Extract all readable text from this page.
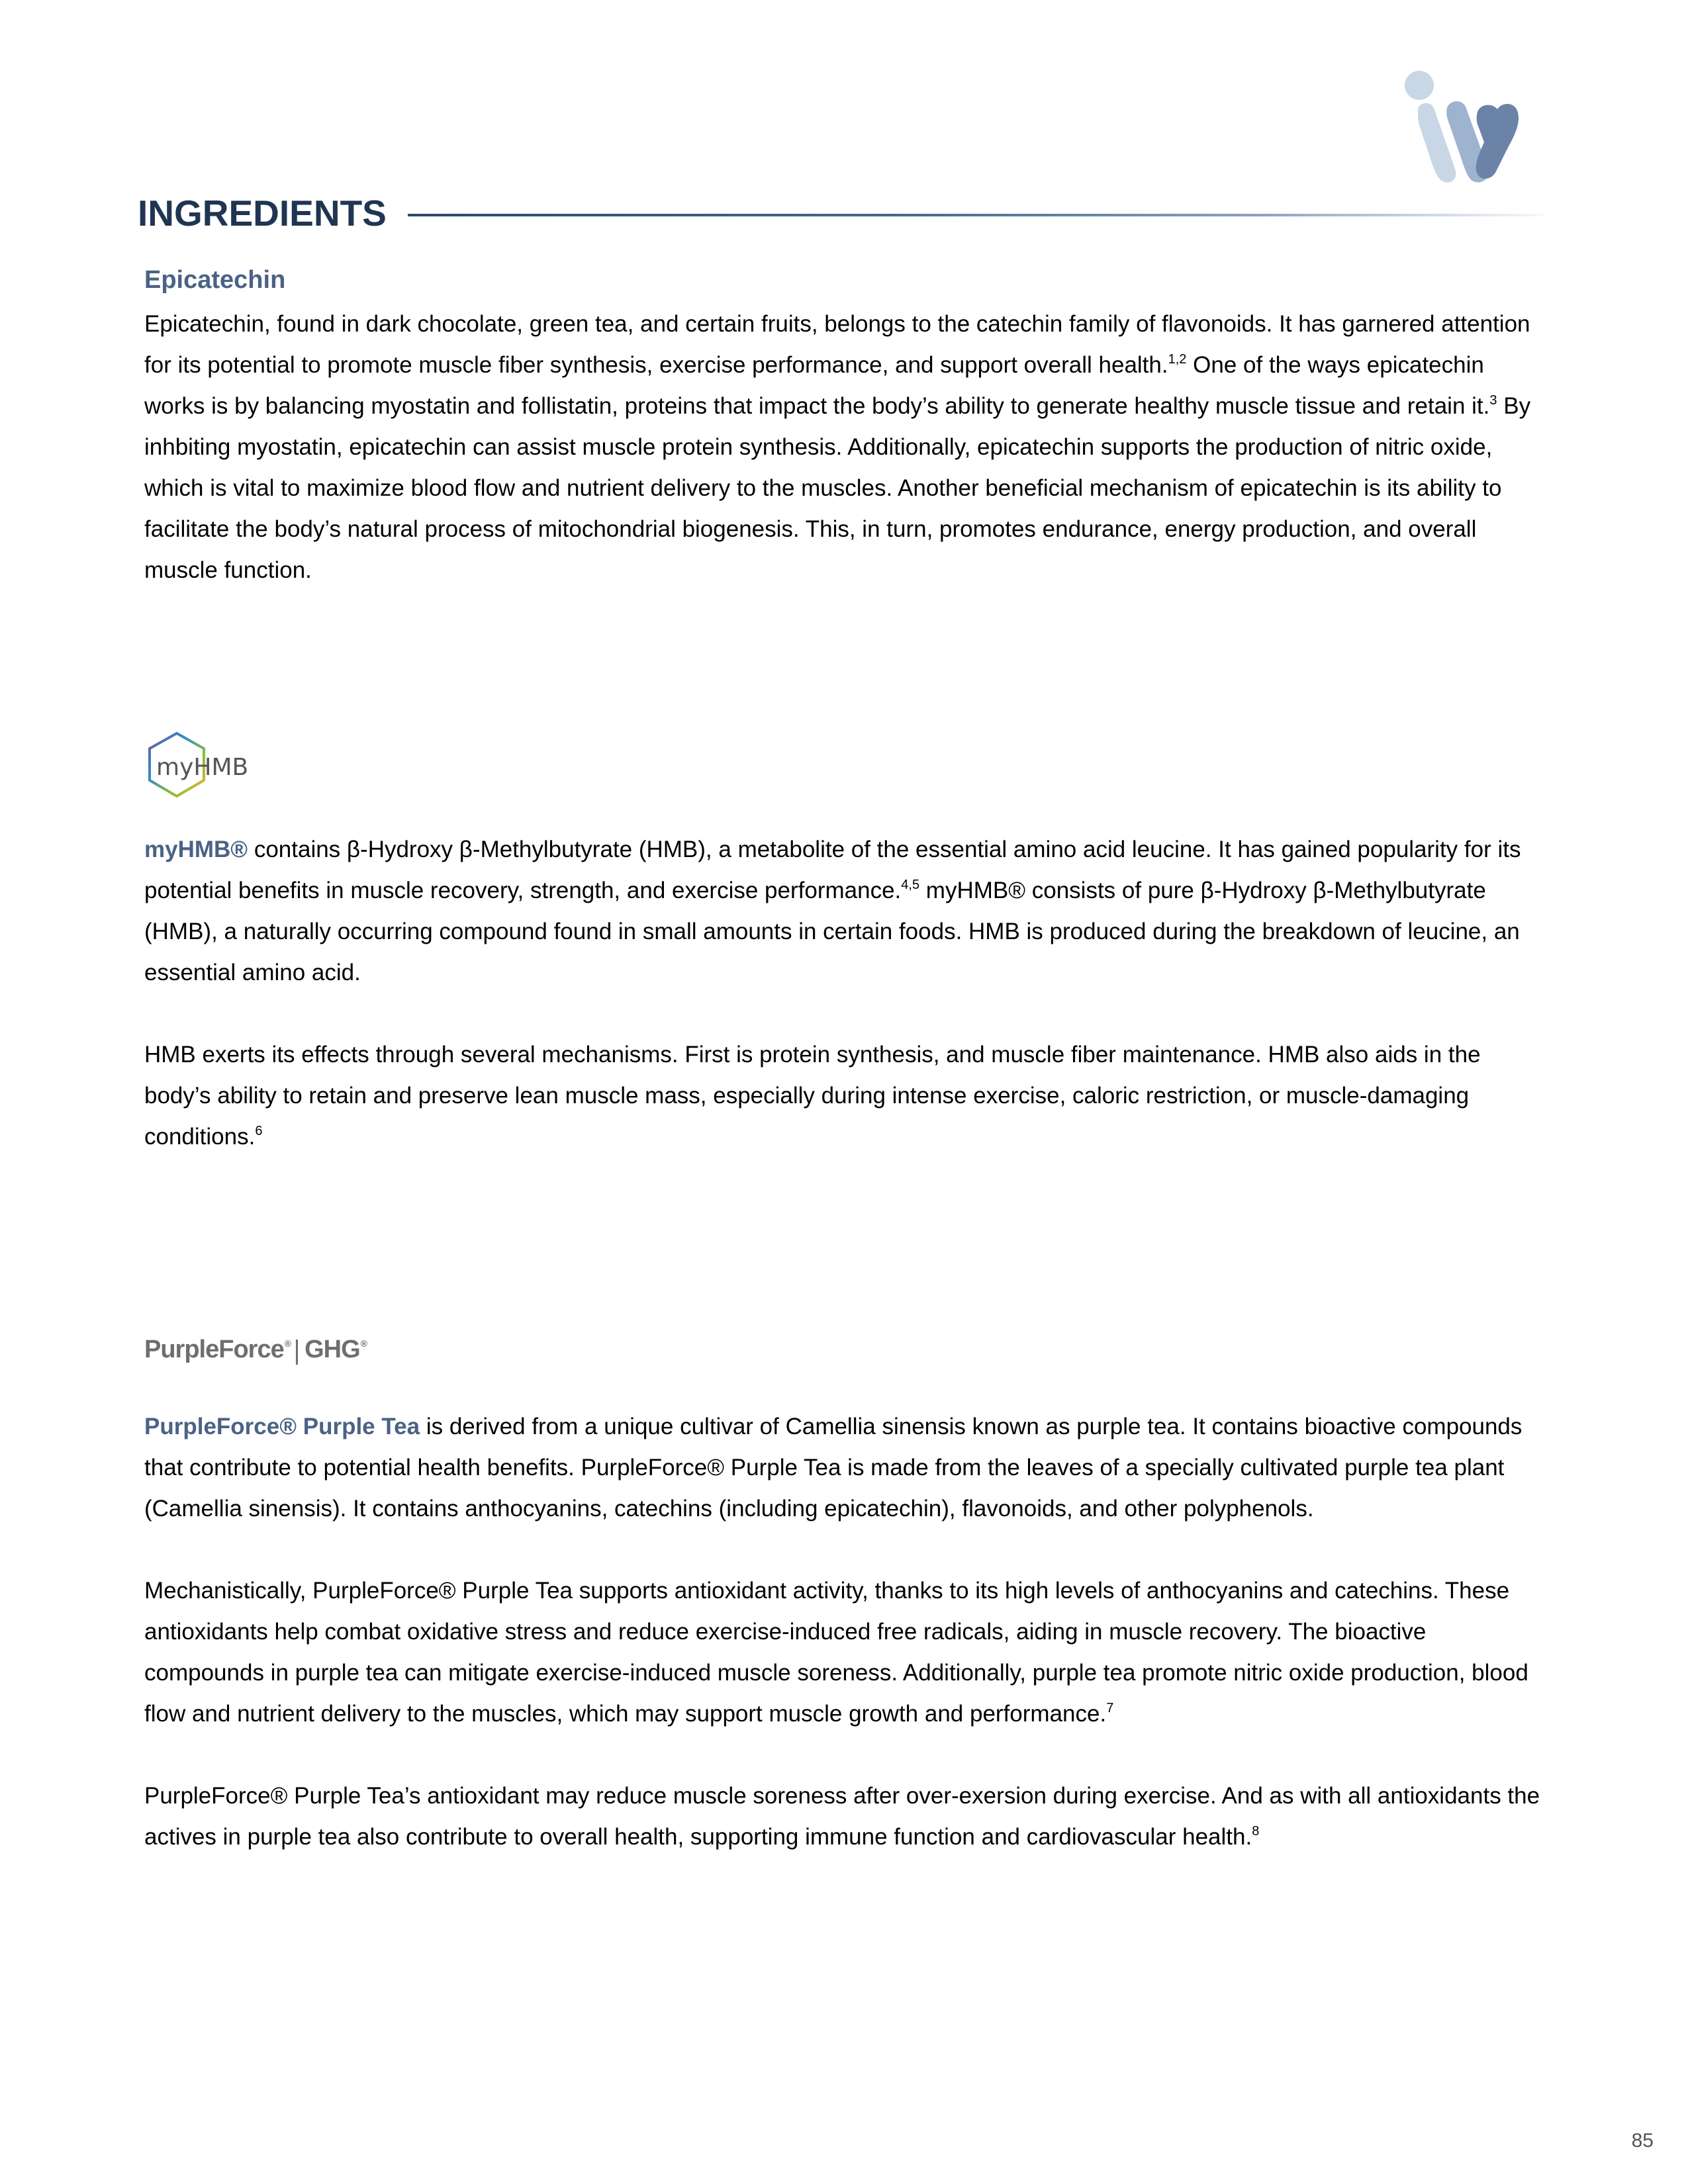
INGREDIENTS
Epicatechin

Epicatechin, found in dark chocolate, green tea, and certain fruits, belongs to the catechin family of flavonoids. It has garnered attention for its potential to promote muscle fiber synthesis, exercise performance, and support overall health.$^{1,2}$ One of the ways epicatechin works is by balancing myostatin and follistatin, proteins that impact the body’s ability to generate healthy muscle tissue and retain it.$^3$ By inhbiting myostatin, epicatechin can assist muscle protein synthesis. Additionally, epicatechin supports the production of nitric oxide, which is vital to maximize blood flow and nutrient delivery to the muscles. Another beneficial mechanism of epicatechin is its ability to facilitate the body’s natural process of mitochondrial biogenesis. This, in turn, promotes endurance, energy production, and overall muscle function.

myHMB

myHMB® contains β-Hydroxy β-Methylbutyrate (HMB), a metabolite of the essential amino acid leucine. It has gained popularity for its potential benefits in muscle recovery, strength, and exercise performance.$^{4,5}$ myHMB® consists of pure β-Hydroxy β-Methylbutyrate (HMB), a naturally occurring compound found in small amounts in certain foods. HMB is produced during the breakdown of leucine, an essential amino acid.

HMB exerts its effects through several mechanisms. First is protein synthesis, and muscle fiber maintenance. HMB also aids in the body’s ability to retain and preserve lean muscle mass, especially during intense exercise, caloric restriction, or muscle-damaging conditions.$^6$

PurpleForce ® GHG ®

PurpleForce® Purple Tea is derived from a unique cultivar of Camellia sinensis known as purple tea. It contains bioactive compounds that contribute to potential health benefits. PurpleForce® Purple Tea is made from the leaves of a specially cultivated purple tea plant (Camellia sinensis). It contains anthocyanins, catechins (including epicatechin), flavonoids, and other polyphenols.

Mechanistically, PurpleForce® Purple Tea supports antioxidant activity, thanks to its high levels of anthocyanins and catechins. These antioxidants help combat oxidative stress and reduce exercise-induced free radicals, aiding in muscle recovery. The bioactive compounds in purple tea can mitigate exercise-induced muscle soreness. Additionally, purple tea promote nitric oxide production, blood flow and nutrient delivery to the muscles, which may support muscle growth and performance.$^7$

PurpleForce® Purple Tea’s antioxidant may reduce muscle soreness after over-exersion during exercise. And as with all antioxidants the actives in purple tea also contribute to overall health, supporting immune function and cardiovascular health.$^8$

85
